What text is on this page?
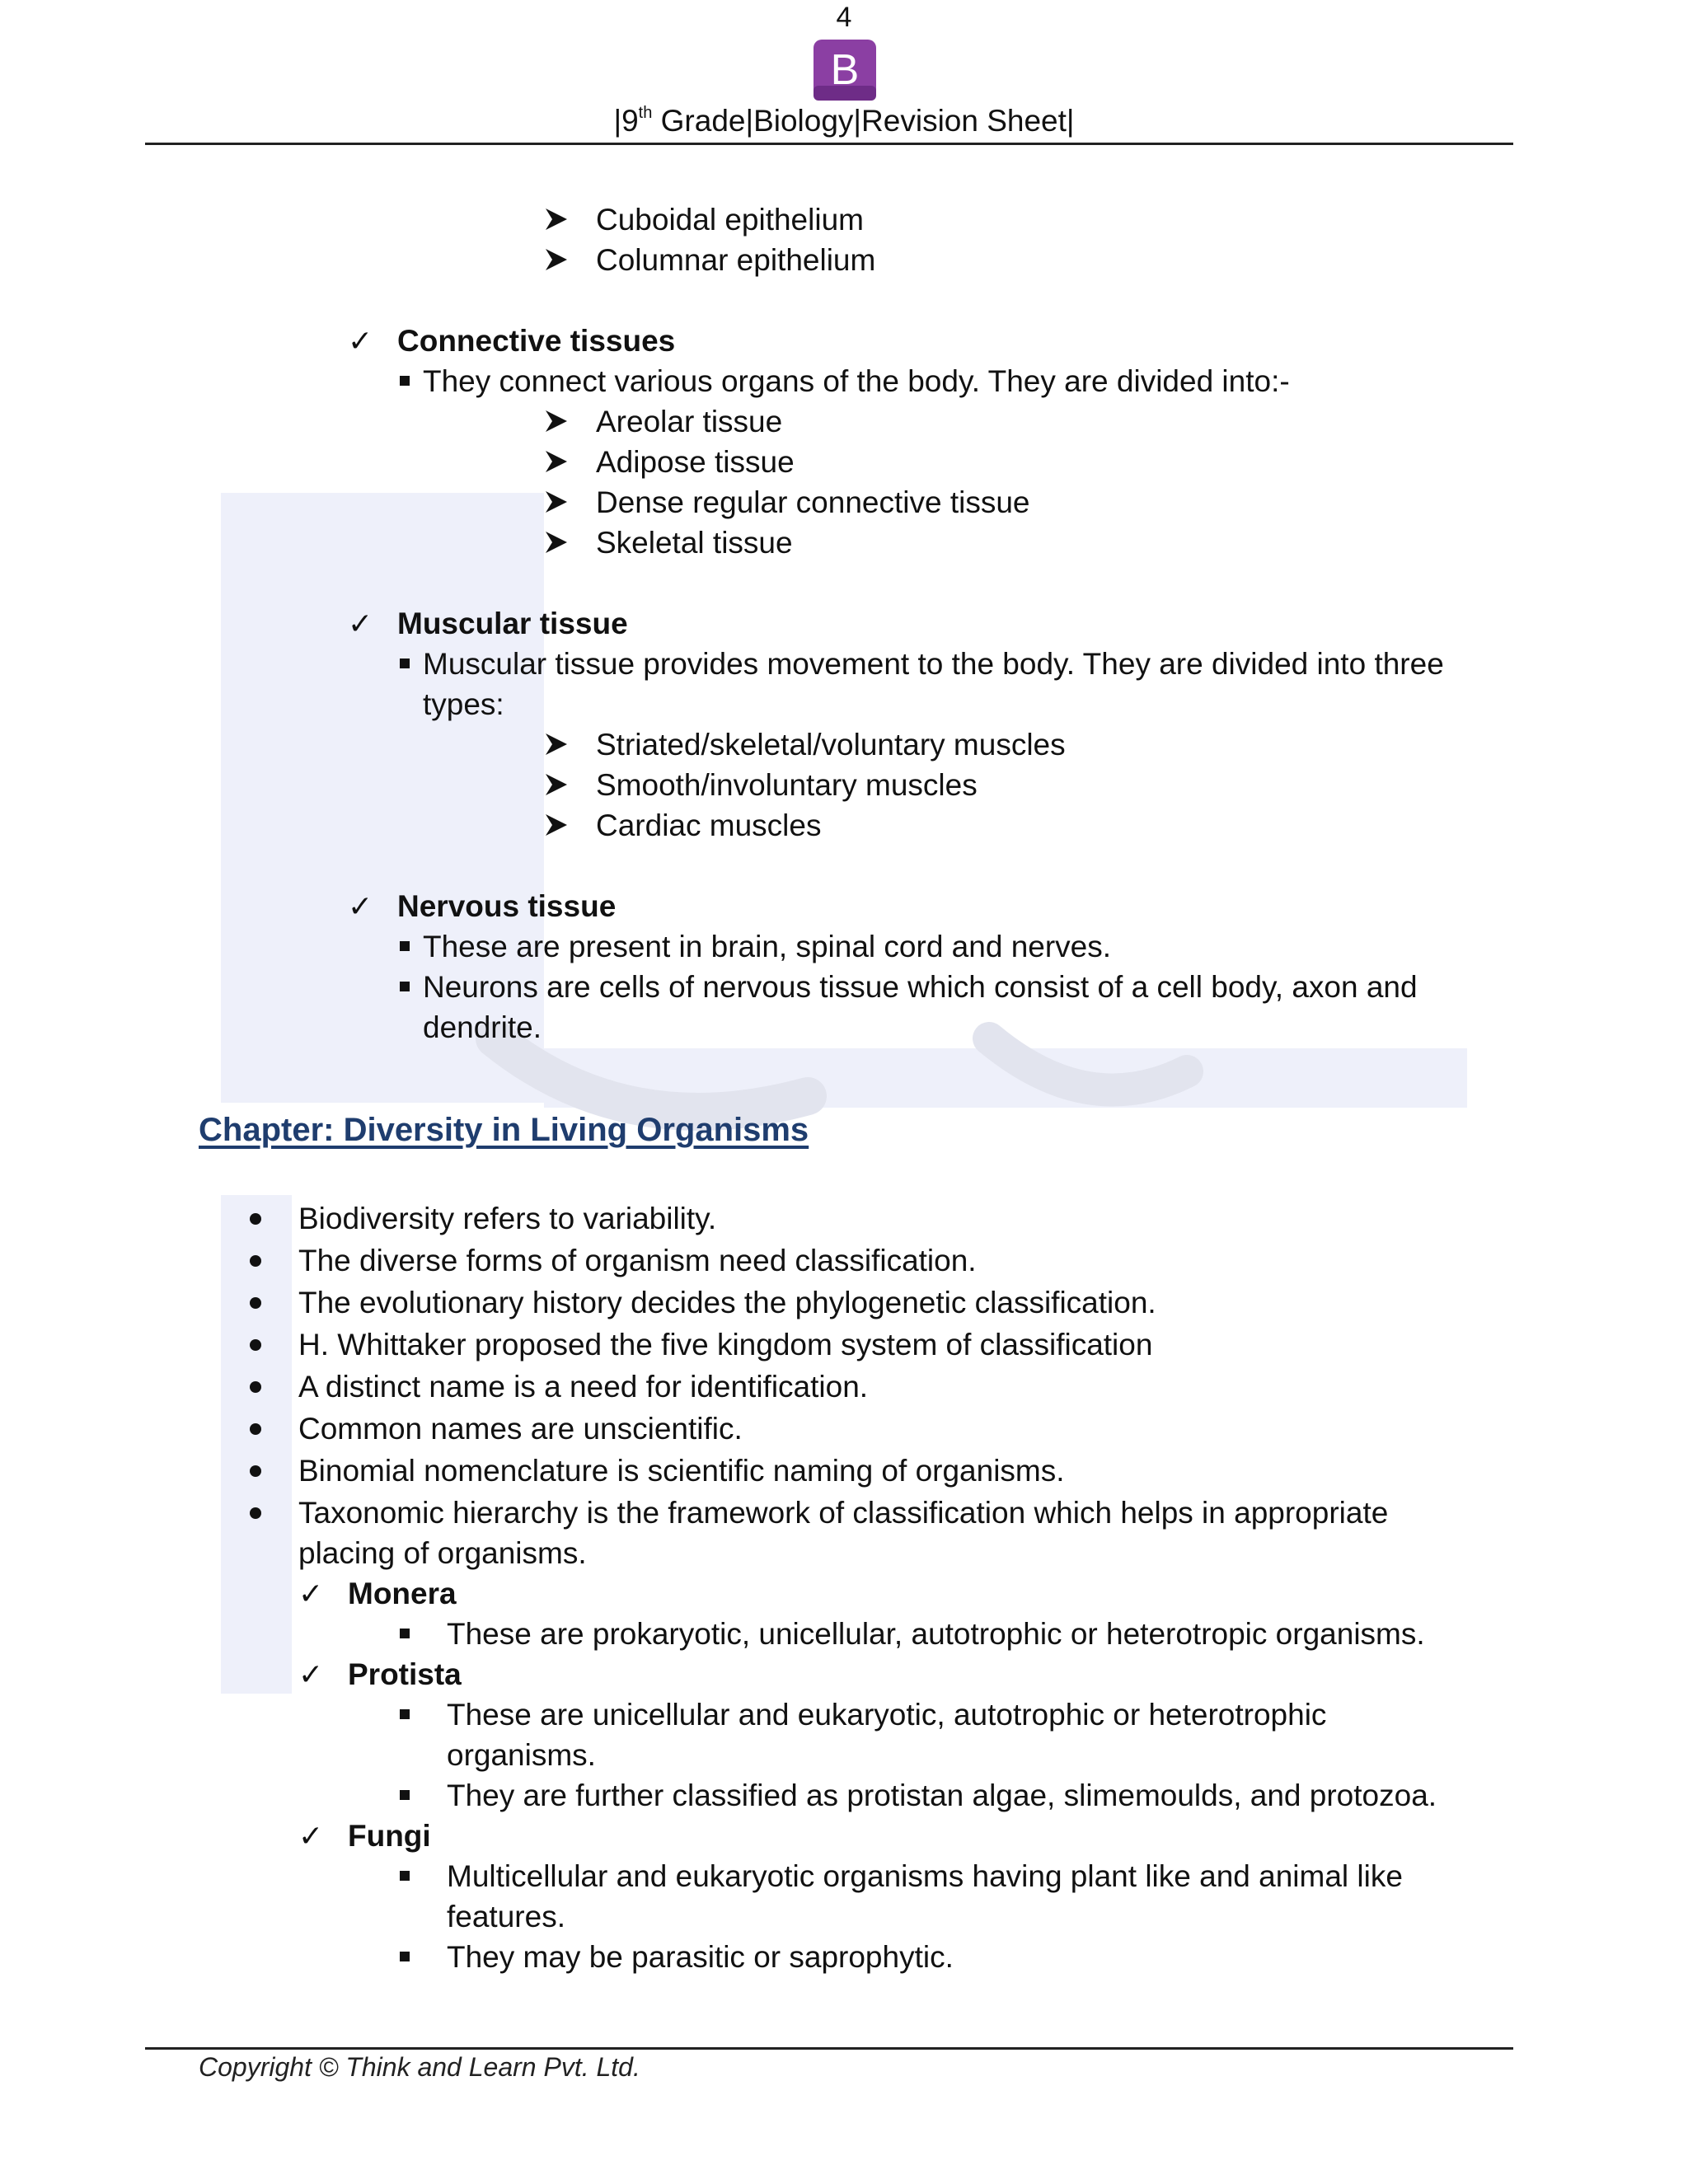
4
B
|9th Grade|Biology|Revision Sheet|
Cuboidal epithelium
Columnar epithelium
✓ Connective tissues
They connect various organs of the body. They are divided into:-
Areolar tissue
Adipose tissue
Dense regular connective tissue
Skeletal tissue
✓ Muscular tissue
Muscular tissue provides movement to the body. They are divided into three
types:
Striated/skeletal/voluntary muscles
Smooth/involuntary muscles
Cardiac muscles
✓ Nervous tissue
These are present in brain, spinal cord and nerves.
Neurons are cells of nervous tissue which consist of a cell body, axon and
dendrite.
Chapter: Diversity in Living Organisms
Biodiversity refers to variability.
The diverse forms of organism need classification.
The evolutionary history decides the phylogenetic classification.
H. Whittaker proposed the five kingdom system of classification
A distinct name is a need for identification.
Common names are unscientific.
Binomial nomenclature is scientific naming of organisms.
Taxonomic hierarchy is the framework of classification which helps in appropriate
placing of organisms.
✓ Monera
These are prokaryotic, unicellular, autotrophic or heterotropic organisms.
✓ Protista
These are unicellular and eukaryotic, autotrophic or heterotrophic
organisms.
They are further classified as protistan algae, slimemoulds, and protozoa.
✓ Fungi
Multicellular and eukaryotic organisms having plant like and animal like
features.
They may be parasitic or saprophytic.
Copyright © Think and Learn Pvt. Ltd.
